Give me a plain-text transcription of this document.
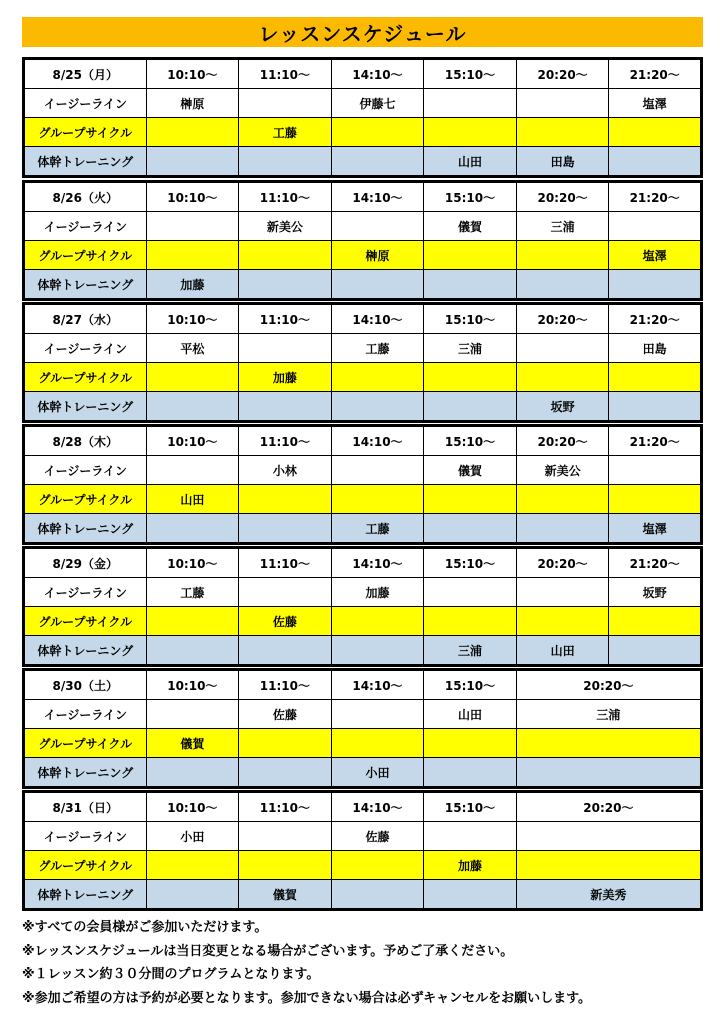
レッスンスケジュール
8/25（月）	10:10～	11:10～	14:10～	15:10～	20:20～	21:20～
イージーライン	榊原		伊藤七			塩澤
グループサイクル		工藤				
体幹トレーニング				山田	田島	
8/26（火）	10:10～	11:10～	14:10～	15:10～	20:20～	21:20～
イージーライン		新美公		儀賀	三浦	
グループサイクル			榊原			塩澤
体幹トレーニング	加藤					
8/27（水）	10:10～	11:10～	14:10～	15:10～	20:20～	21:20～
イージーライン	平松		工藤	三浦		田島
グループサイクル		加藤				
体幹トレーニング					坂野	
8/28（木）	10:10～	11:10～	14:10～	15:10～	20:20～	21:20～
イージーライン		小林		儀賀	新美公	
グループサイクル	山田					
体幹トレーニング			工藤			塩澤
8/29（金）	10:10～	11:10～	14:10～	15:10～	20:20～	21:20～
イージーライン	工藤		加藤			坂野
グループサイクル		佐藤				
体幹トレーニング				三浦	山田	
8/30（土）	10:10～	11:10～	14:10～	15:10～	20:20～
イージーライン		佐藤		山田	三浦
グループサイクル	儀賀				
体幹トレーニング			小田		
8/31（日）	10:10～	11:10～	14:10～	15:10～	20:20～
イージーライン	小田		佐藤		
グループサイクル				加藤	
体幹トレーニング		儀賀			新美秀
※すべての会員様がご参加いただけます。
※レッスンスケジュールは当日変更となる場合がございます。予めご了承ください。
※１レッスン約３０分間のプログラムとなります。
※参加ご希望の方は予約が必要となります。参加できない場合は必ずキャンセルをお願いします。
